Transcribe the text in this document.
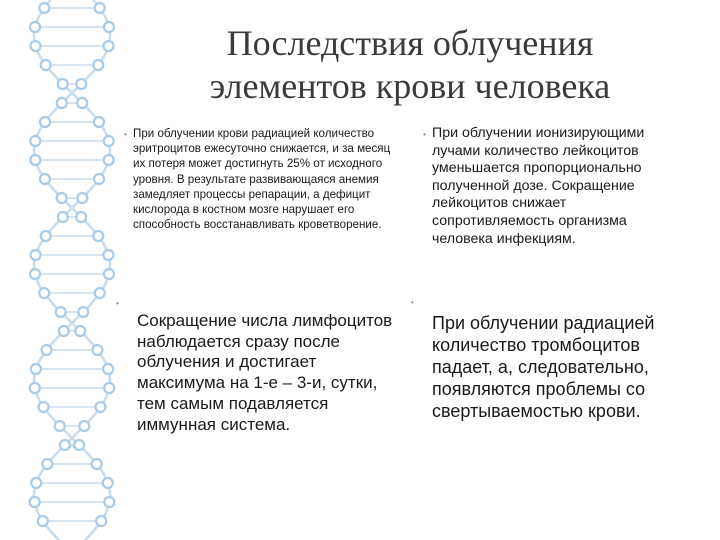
Последствия облучения
элементов крови человека
• При облучении крови радиацией количество эритроцитов ежесуточно снижается, и за месяц их потеря может достигнуть 25% от исходного уровня. В результате развивающаяся анемия замедляет процессы репарации, а дефицит кислорода в костном мозге нарушает его способность восстанавливать кроветворение.

• При облучении ионизирующими лучами количество лейкоцитов уменьшается пропорционально полученной дозе. Сокращение лейкоцитов снижает сопротивляемость организма человека инфекциям.

•

Сокращение числа лимфоцитов наблюдается сразу после облучения и достигает максимума на 1-е – 3-и, сутки, тем самым подавляется иммунная система.

•

При облучении радиацией количество тромбоцитов падает, а, следовательно, появляются проблемы со свертываемостью крови.
